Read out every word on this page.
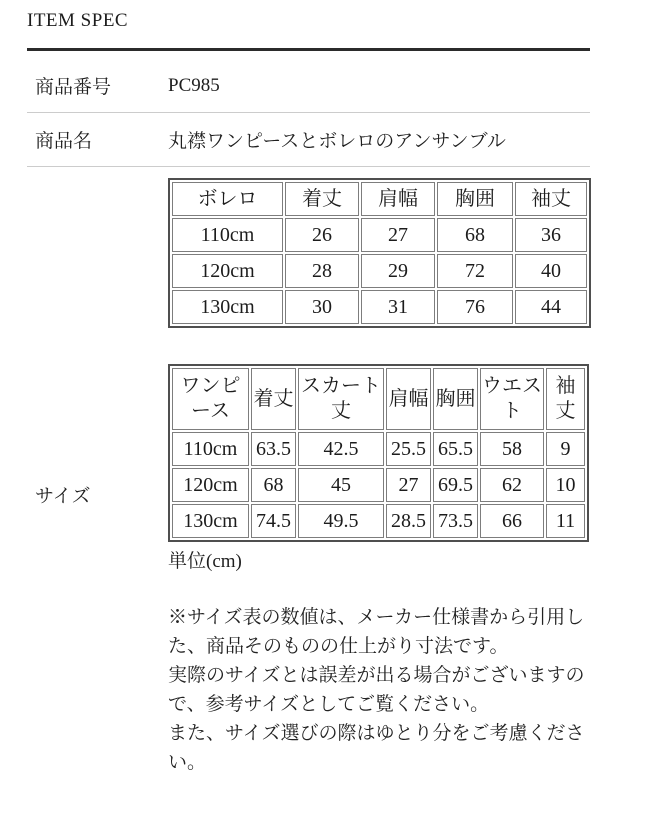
ITEM SPEC
商品番号	PC985
商品名	丸襟ワンピースとボレロのアンサンブル
サイズ
ボレロ	着丈	肩幅	胸囲	袖丈
110cm	26	27	68	36
120cm	28	29	72	40
130cm	30	31	76	44
ワンピース	着丈	スカート丈	肩幅	胸囲	ウエスト	袖丈
110cm	63.5	42.5	25.5	65.5	58	9
120cm	68	45	27	69.5	62	10
130cm	74.5	49.5	28.5	73.5	66	11
単位(cm)

※サイズ表の数値は、メーカー仕様書から引用した、商品そのものの仕上がり寸法です。

実際のサイズとは誤差が出る場合がございますので、参考サイズとしてご覧ください。

また、サイズ選びの際はゆとり分をご考慮ください。
